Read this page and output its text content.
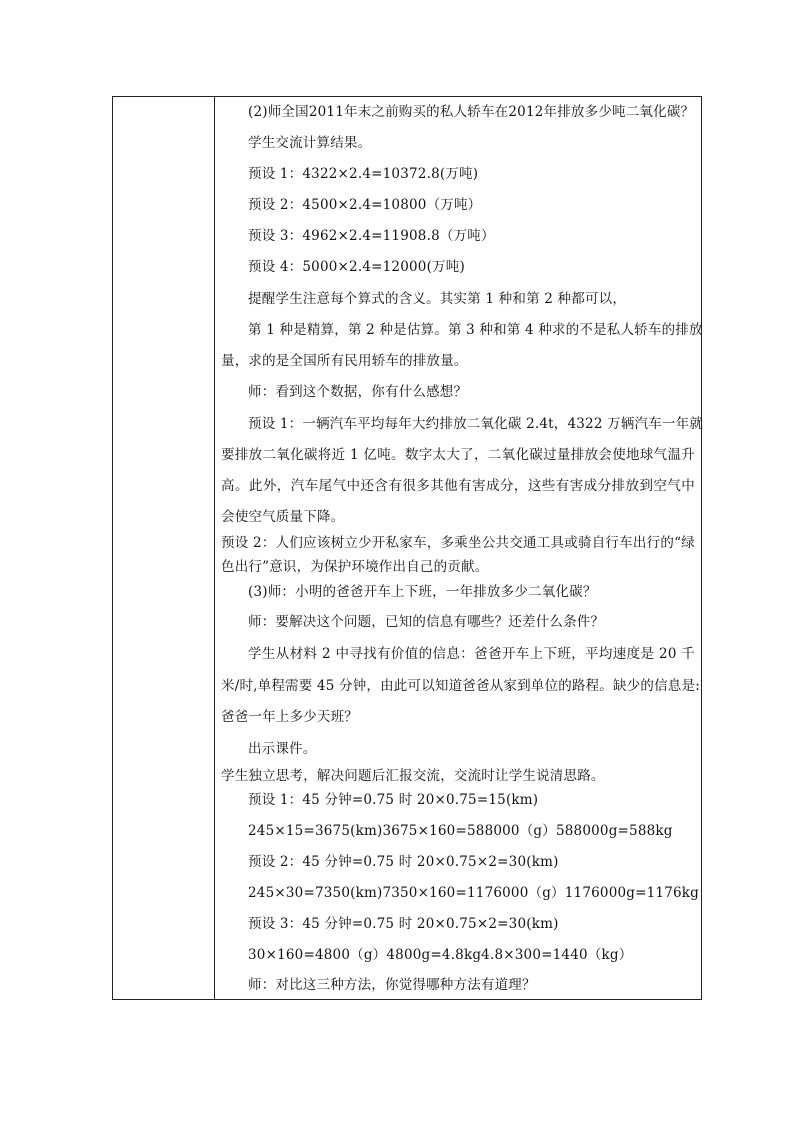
(2)师全国2011年末之前购买的私人轿车在2012年排放多少吨二氧化碳？
学生交流计算结果。
预设 1：4322×2.4=10372.8(万吨)
预设 2：4500×2.4=10800（万吨）
预设 3：4962×2.4=11908.8（万吨）
预设 4：5000×2.4=12000(万吨)
提醒学生注意每个算式的含义。其实第 1 种和第 2 种都可以，
第 1 种是精算，第 2 种是估算。第 3 种和第 4 种求的不是私人轿车的排放
量，求的是全国所有民用轿车的排放量。
师：看到这个数据，你有什么感想？
预设 1：一辆汽车平均每年大约排放二氧化碳 2.4t，4322 万辆汽车一年就
要排放二氧化碳将近 1 亿吨。数字太大了，二氧化碳过量排放会使地球气温升
高。此外，汽车尾气中还含有很多其他有害成分，这些有害成分排放到空气中
会使空气质量下降。
预设 2：人们应该树立少开私家车，多乘坐公共交通工具或骑自行车出行的“绿
色出行”意识，为保护环境作出自己的贡献。
(3)师：小明的爸爸开车上下班，一年排放多少二氧化碳？
师：要解决这个问题，已知的信息有哪些？还差什么条件？
学生从材料 2 中寻找有价值的信息：爸爸开车上下班，平均速度是 20 千
米/时,单程需要 45 分钟，由此可以知道爸爸从家到单位的路程。缺少的信息是:
爸爸一年上多少天班？
出示课件。
学生独立思考，解决问题后汇报交流，交流时让学生说清思路。
预设 1：45 分钟=0.75 时 20×0.75=15(km)
245×15=3675(km)3675×160=588000（g）588000g=588kg
预设 2：45 分钟=0.75 时 20×0.75×2=30(km)
245×30=7350(km)7350×160=1176000（g）1176000g=1176kg
预设 3：45 分钟=0.75 时 20×0.75×2=30(km)
30×160=4800（g）4800g=4.8kg4.8×300=1440（kg）
师：对比这三种方法，你觉得哪种方法有道理？
